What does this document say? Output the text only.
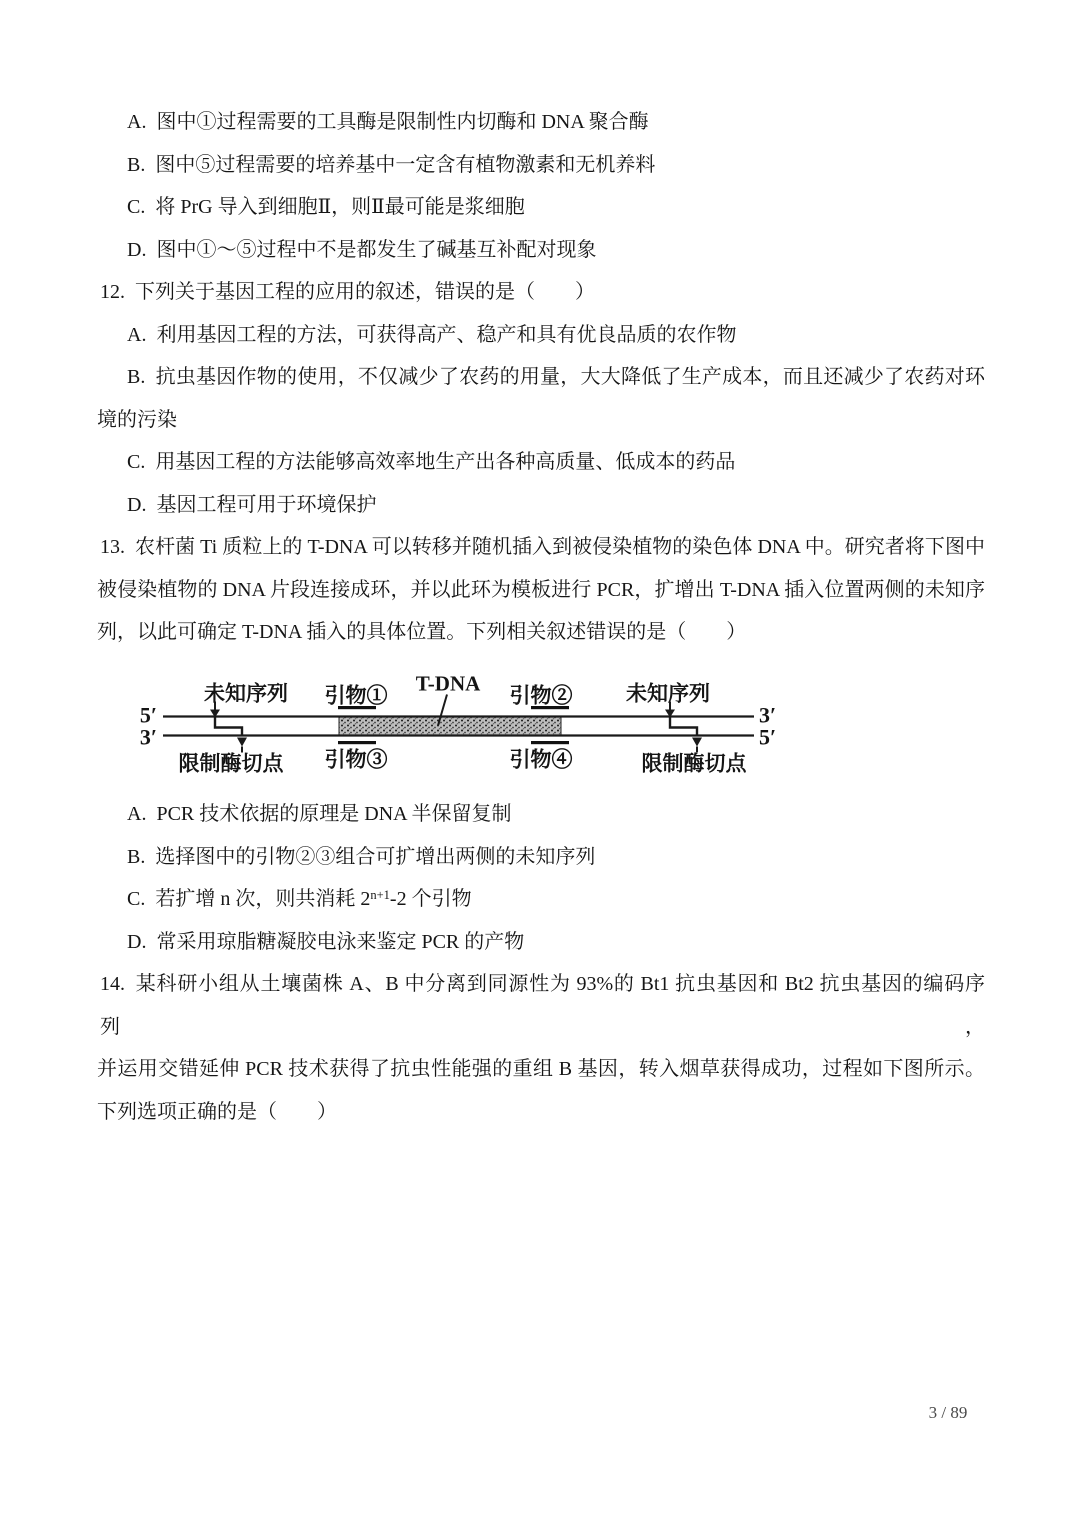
A. 图中①过程需要的工具酶是限制性内切酶和 DNA 聚合酶
B. 图中⑤过程需要的培养基中一定含有植物激素和无机养料
C. 将 PrG 导入到细胞Ⅱ，则Ⅱ最可能是浆细胞
D. 图中①～⑤过程中不是都发生了碱基互补配对现象
12. 下列关于基因工程的应用的叙述，错误的是（　　）
A. 利用基因工程的方法，可获得高产、稳产和具有优良品质的农作物
B. 抗虫基因作物的使用，不仅减少了农药的用量，大大降低了生产成本，而且还减少了农药对环
境的污染
C. 用基因工程的方法能够高效率地生产出各种高质量、低成本的药品
D. 基因工程可用于环境保护
13. 农杆菌 Ti 质粒上的 T-DNA 可以转移并随机插入到被侵染植物的染色体 DNA 中。研究者将下图中
被侵染植物的 DNA 片段连接成环，并以此环为模板进行 PCR，扩增出 T-DNA 插入位置两侧的未知序
列，以此可确定 T-DNA 插入的具体位置。下列相关叙述错误的是（　　）
5′
3′
3′
5′
未知序列 引物① T-DNA 引物②	未知序列
限制酶切点 引物③	引物④	限制酶切点
A. PCR 技术依据的原理是 DNA 半保留复制
B. 选择图中的引物②③组合可扩增出两侧的未知序列
C. 若扩增 n 次，则共消耗 $2^{n+1}-2$ 个引物
D. 常采用琼脂糖凝胶电泳来鉴定 PCR 的产物
14. 某科研小组从土壤菌株 A、B 中分离到同源性为 93%的 Bt1 抗虫基因和 Bt2 抗虫基因的编码序列，
并运用交错延伸 PCR 技术获得了抗虫性能强的重组 B 基因，转入烟草获得成功，过程如下图所示。
下列选项正确的是（　　）
3 / 89
